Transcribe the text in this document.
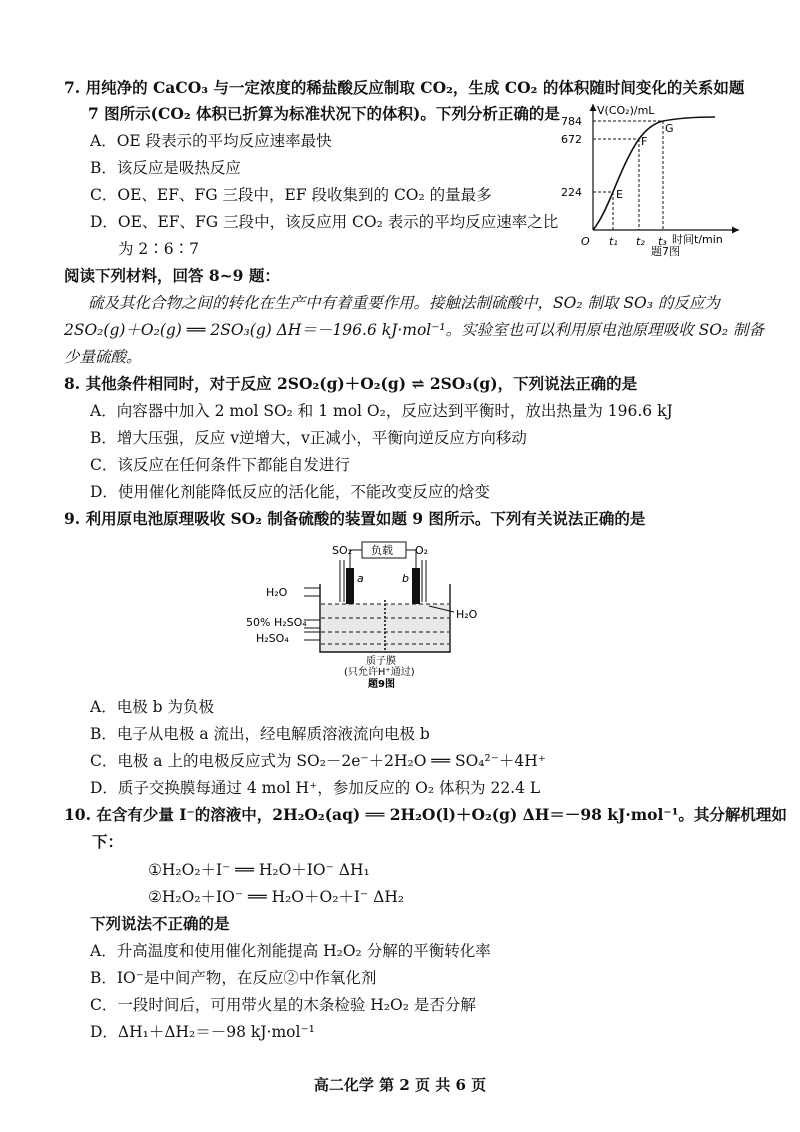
7. 用纯净的 CaCO₃ 与一定浓度的稀盐酸反应制取 CO₂，生成 CO₂ 的体积随时间变化的关系如题
7 图所示(CO₂ 体积已折算为标准状况下的体积)。下列分析正确的是
A．OE 段表示的平均反应速率最快
B．该反应是吸热反应
C．OE、EF、FG 三段中，EF 段收集到的 CO₂ 的量最多
D．OE、EF、FG 三段中，该反应用 CO₂ 表示的平均反应速率之比
为 2∶6∶7
V(CO₂)/mL
784
672
224
O t₁ t₂ t₃ 时间t/min
E
F
G
题7图
阅读下列材料，回答 8~9 题：
硫及其化合物之间的转化在生产中有着重要作用。接触法制硫酸中，SO₂ 制取 SO₃ 的反应为
2SO₂(g)＋O₂(g) ══ 2SO₃(g) ΔH＝－196.6 kJ·mol⁻¹。实验室也可以利用原电池原理吸收 SO₂ 制备
少量硫酸。
8. 其他条件相同时，对于反应 2SO₂(g)＋O₂(g) ⇌ 2SO₃(g)，下列说法正确的是
A．向容器中加入 2 mol SO₂ 和 1 mol O₂，反应达到平衡时，放出热量为 196.6 kJ
B．增大压强，反应 v逆增大，v正减小，平衡向逆反应方向移动
C．该反应在任何条件下都能自发进行
D．使用催化剂能降低反应的活化能，不能改变反应的焓变
9. 利用原电池原理吸收 SO₂ 制备硫酸的装置如题 9 图所示。下列有关说法正确的是
SO₂ 负载 O₂
a	b
H₂O
50% H₂SO₄
H₂SO₄
H₂O
质子膜
(只允许H⁺通过)
题9图
A．电极 b 为负极
B．电子从电极 a 流出，经电解质溶液流向电极 b
C．电极 a 上的电极反应式为 SO₂－2e⁻＋2H₂O ══ SO₄²⁻＋4H⁺
D．质子交换膜每通过 4 mol H⁺，参加反应的 O₂ 体积为 22.4 L
10. 在含有少量 I⁻的溶液中，2H₂O₂(aq) ══ 2H₂O(l)＋O₂(g) ΔH＝－98 kJ·mol⁻¹。其分解机理如
下：
①H₂O₂＋I⁻ ══ H₂O＋IO⁻ ΔH₁
②H₂O₂＋IO⁻ ══ H₂O＋O₂＋I⁻ ΔH₂
下列说法不正确的是
A．升高温度和使用催化剂能提高 H₂O₂ 分解的平衡转化率
B．IO⁻是中间产物，在反应②中作氧化剂
C．一段时间后，可用带火星的木条检验 H₂O₂ 是否分解
D．ΔH₁＋ΔH₂＝－98 kJ·mol⁻¹
高二化学 第 2 页 共 6 页
